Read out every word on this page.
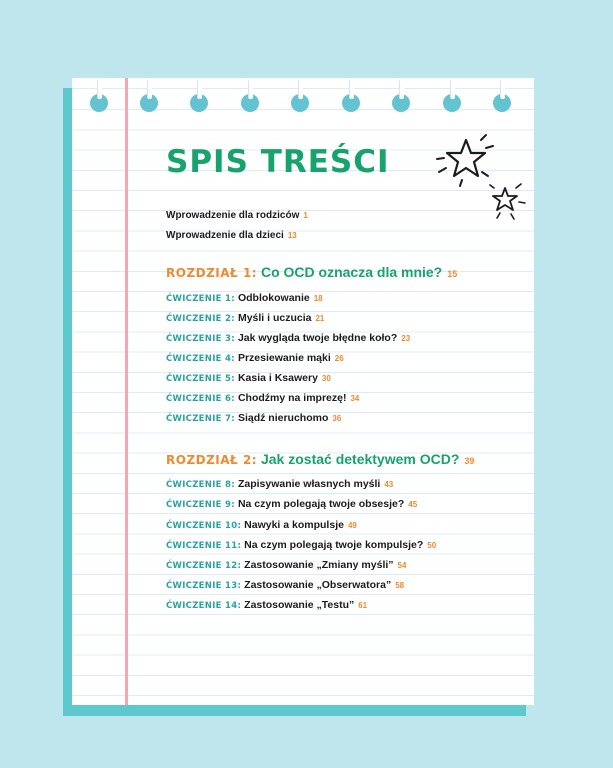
SPIS TREŚCI
Wprowadzenie dla rodziców 1
Wprowadzenie dla dzieci 13
ROZDZIAŁ 1: Co OCD oznacza dla mnie? 15
ĆWICZENIE 1: Odblokowanie 18
ĆWICZENIE 2: Myśli i uczucia 21
ĆWICZENIE 3: Jak wygląda twoje błędne koło? 23
ĆWICZENIE 4: Przesiewanie mąki 26
ĆWICZENIE 5: Kasia i Ksawery 30
ĆWICZENIE 6: Chodźmy na imprezę! 34
ĆWICZENIE 7: Siądź nieruchomo 36
ROZDZIAŁ 2: Jak zostać detektywem OCD? 39
ĆWICZENIE 8: Zapisywanie własnych myśli 43
ĆWICZENIE 9: Na czym polegają twoje obsesje? 45
ĆWICZENIE 10: Nawyki a kompulsje 49
ĆWICZENIE 11: Na czym polegają twoje kompulsje? 50
ĆWICZENIE 12: Zastosowanie „Zmiany myśli” 54
ĆWICZENIE 13: Zastosowanie „Obserwatora” 58
ĆWICZENIE 14: Zastosowanie „Testu” 61
